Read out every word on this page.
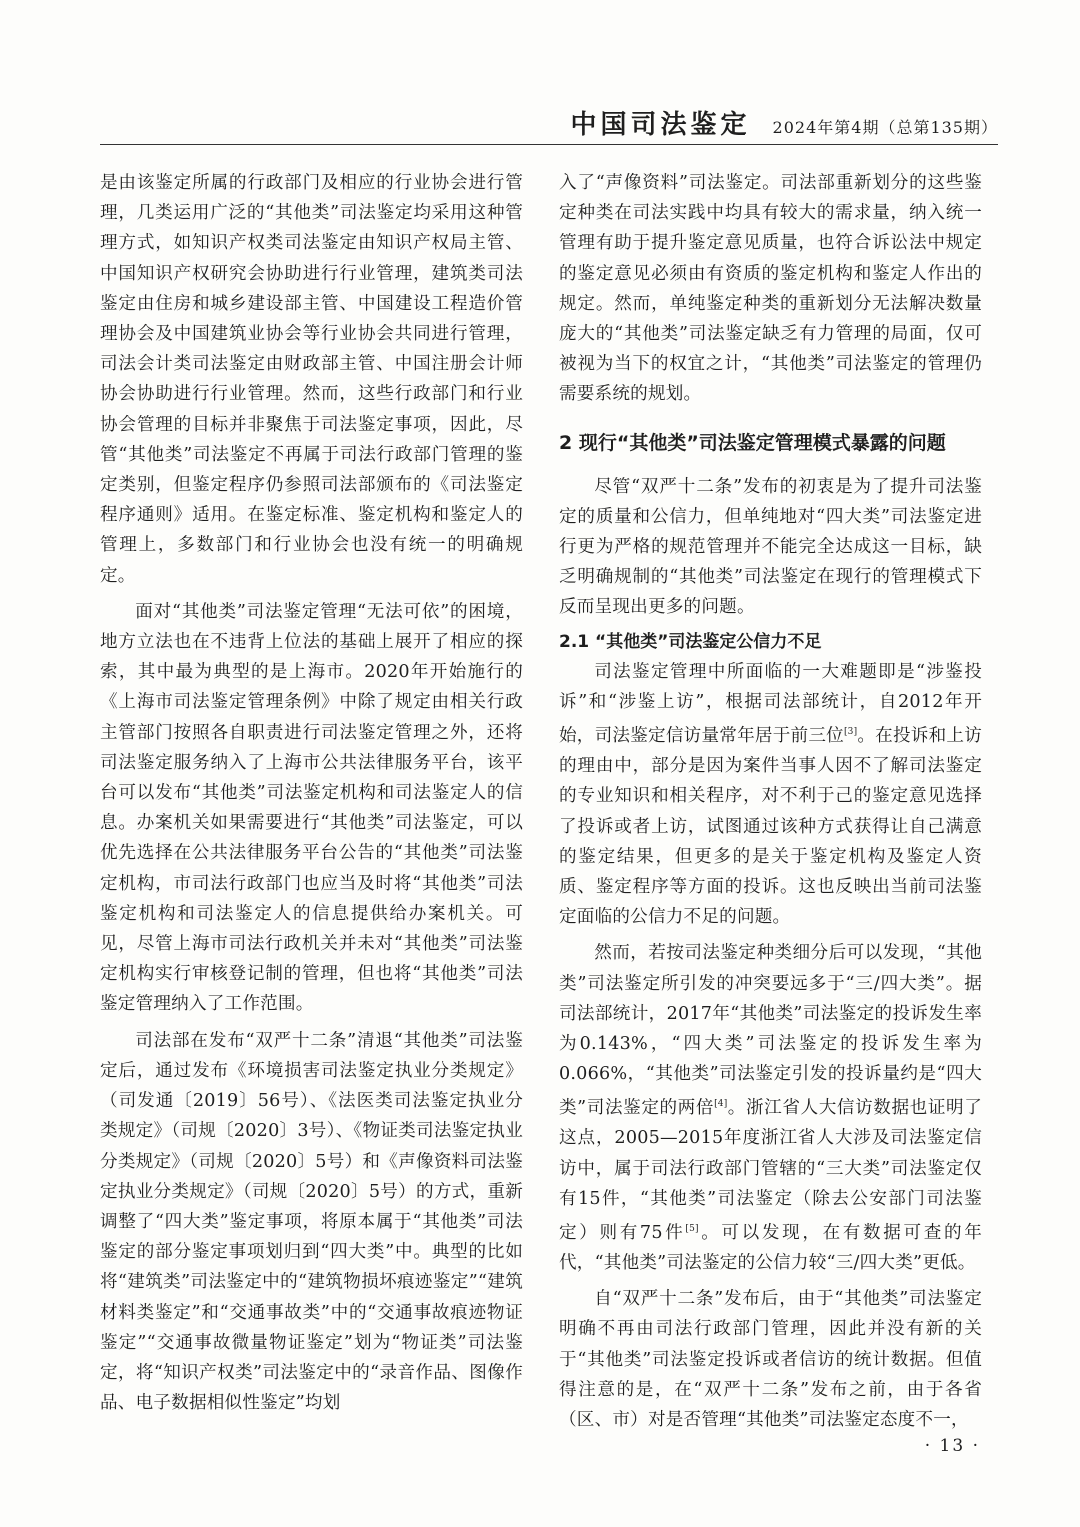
中国司法鉴定 2024年第4期（总第135期）

是由该鉴定所属的行政部门及相应的行业协会进行管理，几类运用广泛的“其他类”司法鉴定均采用这种管理方式，如知识产权类司法鉴定由知识产权局主管、中国知识产权研究会协助进行行业管理，建筑类司法鉴定由住房和城乡建设部主管、中国建设工程造价管理协会及中国建筑业协会等行业协会共同进行管理，司法会计类司法鉴定由财政部主管、中国注册会计师协会协助进行行业管理。然而，这些行政部门和行业协会管理的目标并非聚焦于司法鉴定事项，因此，尽管“其他类”司法鉴定不再属于司法行政部门管理的鉴定类别，但鉴定程序仍参照司法部颁布的《司法鉴定程序通则》适用。在鉴定标准、鉴定机构和鉴定人的管理上，多数部门和行业协会也没有统一的明确规定。

面对“其他类”司法鉴定管理“无法可依”的困境，地方立法也在不违背上位法的基础上展开了相应的探索，其中最为典型的是上海市。2020年开始施行的《上海市司法鉴定管理条例》中除了规定由相关行政主管部门按照各自职责进行司法鉴定管理之外，还将司法鉴定服务纳入了上海市公共法律服务平台，该平台可以发布“其他类”司法鉴定机构和司法鉴定人的信息。办案机关如果需要进行“其他类”司法鉴定，可以优先选择在公共法律服务平台公告的“其他类”司法鉴定机构，市司法行政部门也应当及时将“其他类”司法鉴定机构和司法鉴定人的信息提供给办案机关。可见，尽管上海市司法行政机关并未对“其他类”司法鉴定机构实行审核登记制的管理，但也将“其他类”司法鉴定管理纳入了工作范围。

司法部在发布“双严十二条”清退“其他类”司法鉴定后，通过发布《环境损害司法鉴定执业分类规定》（司发通〔2019〕56号）、《法医类司法鉴定执业分类规定》（司规〔2020〕3号）、《物证类司法鉴定执业分类规定》（司规〔2020〕5号）和《声像资料司法鉴定执业分类规定》（司规〔2020〕5号）的方式，重新调整了“四大类”鉴定事项，将原本属于“其他类”司法鉴定的部分鉴定事项划归到“四大类”中。典型的比如将“建筑类”司法鉴定中的“建筑物损坏痕迹鉴定”“建筑材料类鉴定”和“交通事故类”中的“交通事故痕迹物证鉴定”“交通事故微量物证鉴定”划为“物证类”司法鉴定，将“知识产权类”司法鉴定中的“录音作品、图像作品、电子数据相似性鉴定”均划

入了“声像资料”司法鉴定。司法部重新划分的这些鉴定种类在司法实践中均具有较大的需求量，纳入统一管理有助于提升鉴定意见质量，也符合诉讼法中规定的鉴定意见必须由有资质的鉴定机构和鉴定人作出的规定。然而，单纯鉴定种类的重新划分无法解决数量庞大的“其他类”司法鉴定缺乏有力管理的局面，仅可被视为当下的权宜之计，“其他类”司法鉴定的管理仍需要系统的规划。

2 现行“其他类”司法鉴定管理模式暴露的问题

尽管“双严十二条”发布的初衷是为了提升司法鉴定的质量和公信力，但单纯地对“四大类”司法鉴定进行更为严格的规范管理并不能完全达成这一目标，缺乏明确规制的“其他类”司法鉴定在现行的管理模式下反而呈现出更多的问题。

2.1 “其他类”司法鉴定公信力不足

司法鉴定管理中所面临的一大难题即是“涉鉴投诉”和“涉鉴上访”，根据司法部统计，自2012年开始，司法鉴定信访量常年居于前三位[3]。在投诉和上访的理由中，部分是因为案件当事人因不了解司法鉴定的专业知识和相关程序，对不利于己的鉴定意见选择了投诉或者上访，试图通过该种方式获得让自己满意的鉴定结果，但更多的是关于鉴定机构及鉴定人资质、鉴定程序等方面的投诉。这也反映出当前司法鉴定面临的公信力不足的问题。

然而，若按司法鉴定种类细分后可以发现，“其他类”司法鉴定所引发的冲突要远多于“三/四大类”。据司法部统计，2017年“其他类”司法鉴定的投诉发生率为0.143%，“四大类”司法鉴定的投诉发生率为0.066%，“其他类”司法鉴定引发的投诉量约是“四大类”司法鉴定的两倍[4]。浙江省人大信访数据也证明了这点，2005—2015年度浙江省人大涉及司法鉴定信访中，属于司法行政部门管辖的“三大类”司法鉴定仅有15件，“其他类”司法鉴定（除去公安部门司法鉴定）则有75件[5]。可以发现，在有数据可查的年代，“其他类”司法鉴定的公信力较“三/四大类”更低。

自“双严十二条”发布后，由于“其他类”司法鉴定明确不再由司法行政部门管理，因此并没有新的关于“其他类”司法鉴定投诉或者信访的统计数据。但值得注意的是，在“双严十二条”发布之前，由于各省（区、市）对是否管理“其他类”司法鉴定态度不一，

· 13 ·
